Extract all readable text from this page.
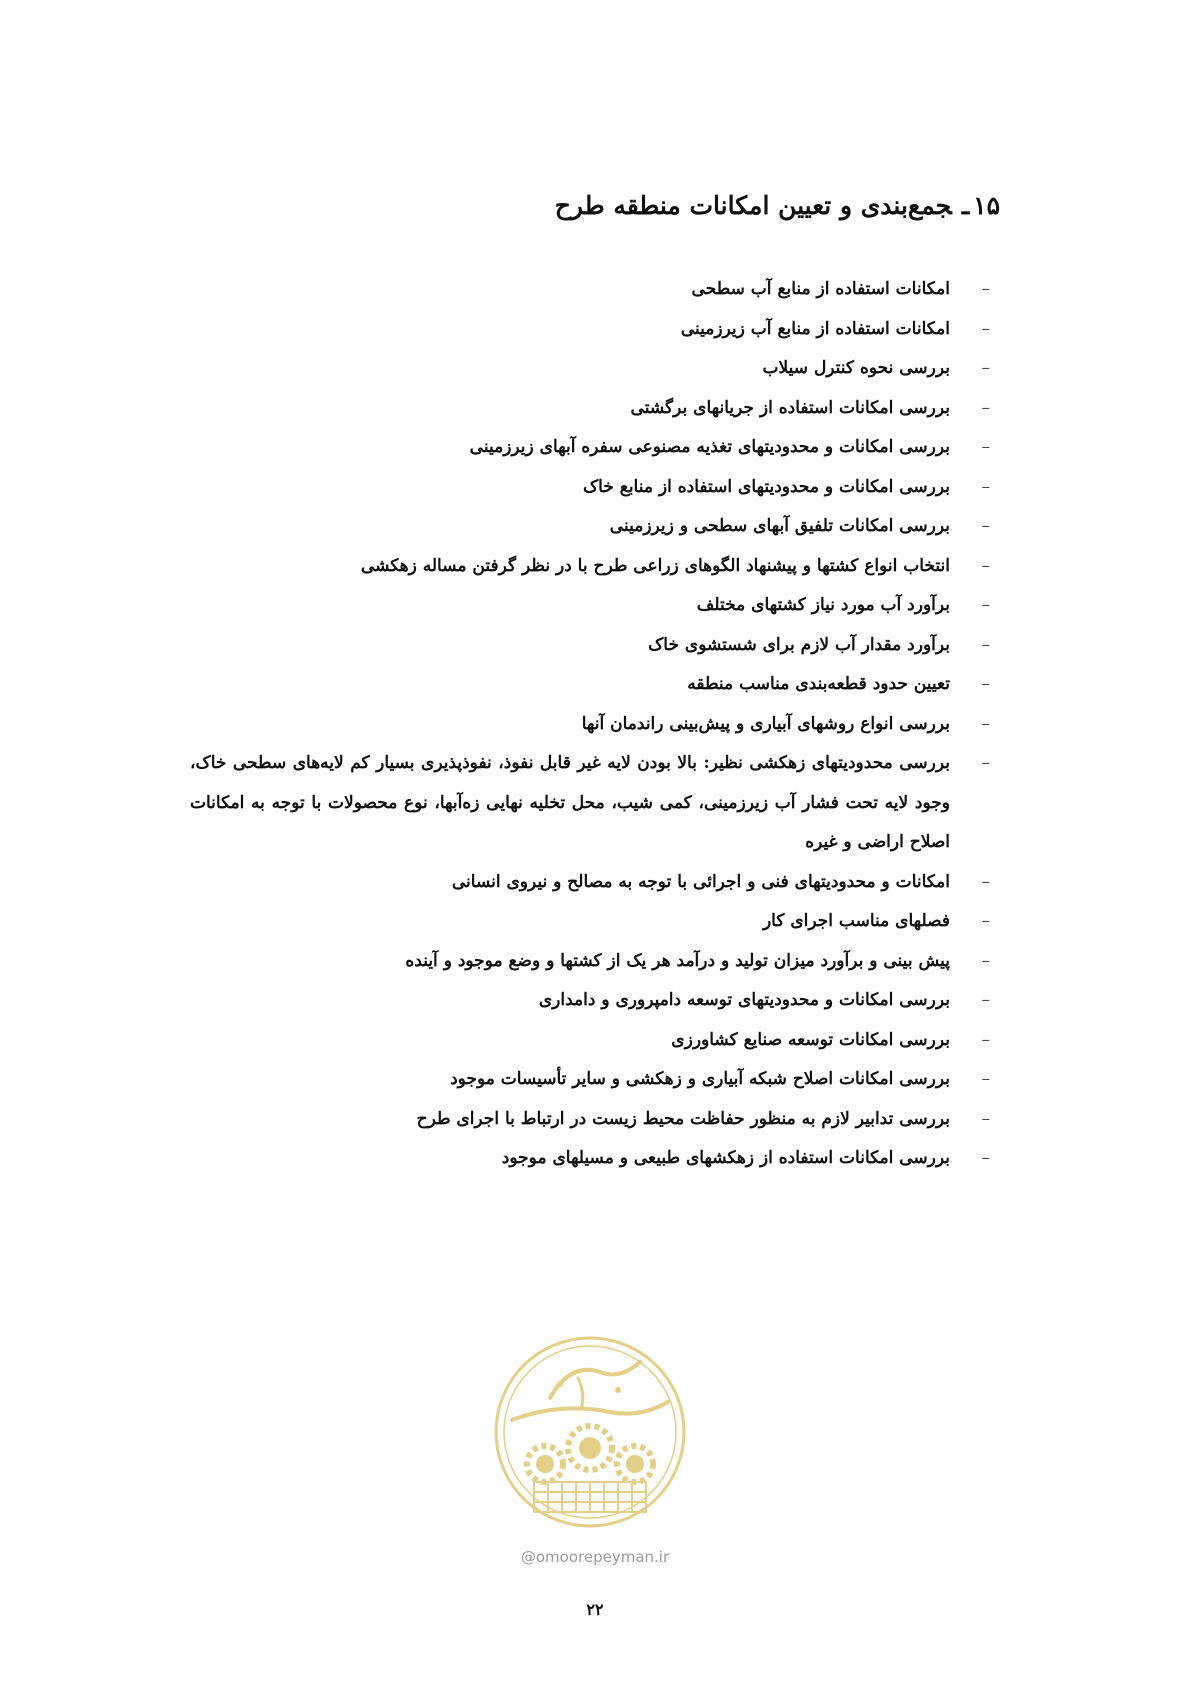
۱۵ـجمع‌بندی و تعیین امکانات منطقه طرح
–
امکانات استفاده از منابع آب سطحی
–
امکانات استفاده از منابع آب زیرزمینی
–
بررسی نحوه کنترل سیلاب
–
بررسی امکانات استفاده از جریانهای برگشتی
–
بررسی امکانات و محدودیتهای تغذیه مصنوعی سفره آبهای زیرزمینی
–
بررسی امکانات و محدودیتهای استفاده از منابع خاک
–
بررسی امکانات تلفیق آبهای سطحی و زیرزمینی
–
انتخاب انواع کشتها و پیشنهاد الگوهای زراعی طرح با در نظر گرفتن مساله زهکشی
–
برآورد آب مورد نیاز کشتهای مختلف
–
برآورد مقدار آب لازم برای شستشوی خاک
–
تعیین حدود قطعه‌بندی مناسب منطقه
–
بررسی انواع روشهای آبیاری و پیش‌بینی راندمان آنها
–
بررسی محدودیتهای زهکشی نظیر: بالا بودن لایه غیر قابل نفوذ، نفوذپذیری بسیار کم لایه‌های سطحی خاک، وجود لایه تحت فشار آب زیرزمینی، کمی شیب، محل تخلیه نهایی زه‌آبها، نوع محصولات با توجه به امکانات اصلاح اراضی و غیره
–
امکانات و محدودیتهای فنی و اجرائی با توجه به مصالح و نیروی انسانی
–
فصلهای مناسب اجرای کار
–
پیش بینی و برآورد میزان تولید و درآمد هر یک از کشتها و وضع موجود و آینده
–
بررسی امکانات و محدودیتهای توسعه دامپروری و دامداری
–
بررسی امکانات توسعه صنایع کشاورزی
–
بررسی امکانات اصلاح شبکه آبیاری و زهکشی و سایر تأسیسات موجود
–
بررسی تدابیر لازم به منظور حفاظت محیط زیست در ارتباط با اجرای طرح
–
بررسی امکانات استفاده از زهکشهای طبیعی و مسیلهای موجود
@omoorepeyman.ir
۲۲
